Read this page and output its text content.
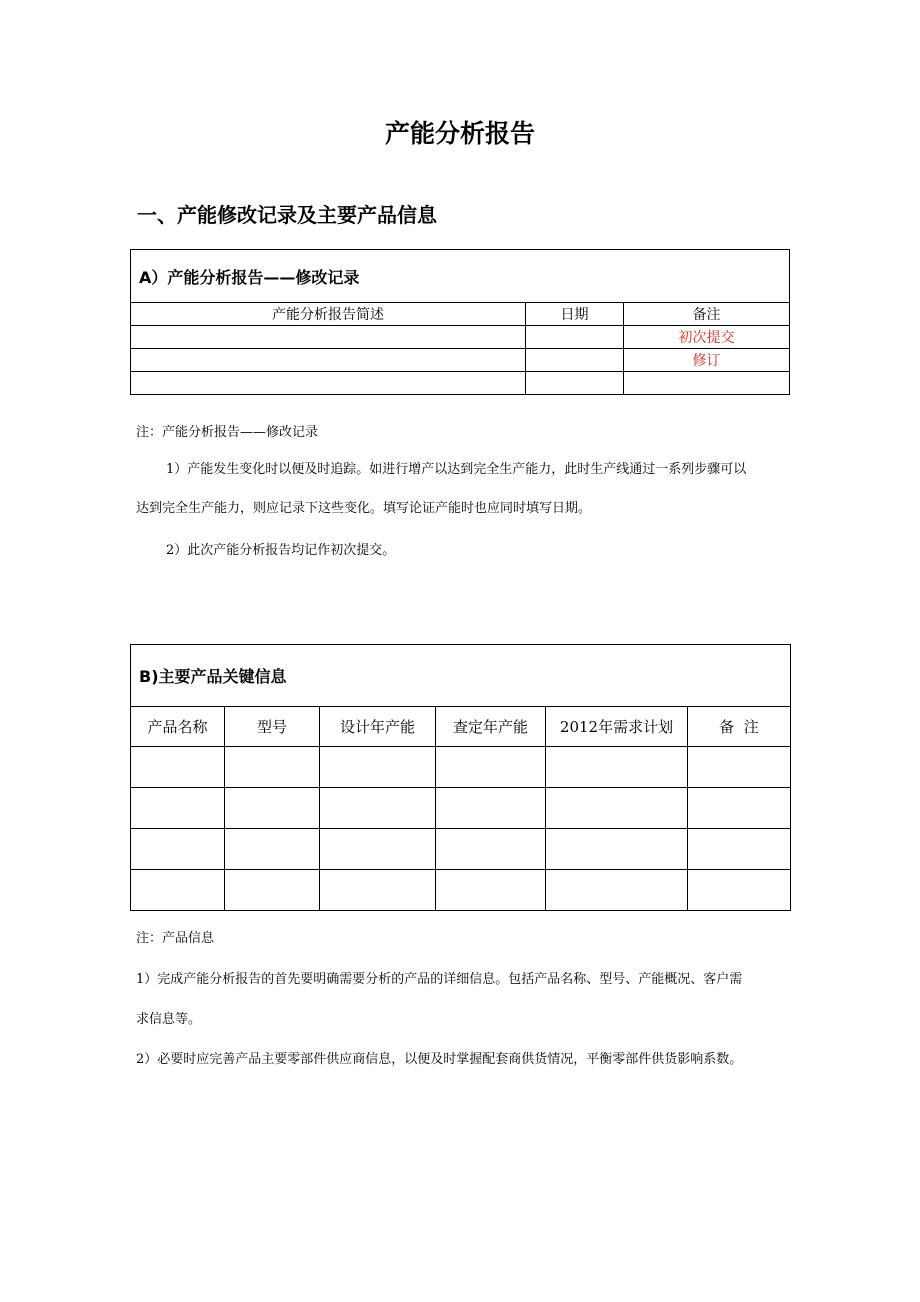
产能分析报告
一、产能修改记录及主要产品信息
A）产能分析报告——修改记录		
产能分析报告简述	日期	备注
		初次提交
		修订

注：产能分析报告——修改记录
1）产能发生变化时以便及时追踪。如进行增产以达到完全生产能力，此时生产线通过一系列步骤可以
达到完全生产能力，则应记录下这些变化。填写论证产能时也应同时填写日期。
2）此次产能分析报告均记作初次提交。
B)主要产品关键信息					
产品名称	型号	设计年产能	查定年产能	2012年需求计划	备  注

注：产品信息
1）完成产能分析报告的首先要明确需要分析的产品的详细信息。包括产品名称、型号、产能概况、客户需
求信息等。
2）必要时应完善产品主要零部件供应商信息，以便及时掌握配套商供货情况，平衡零部件供货影响系数。
